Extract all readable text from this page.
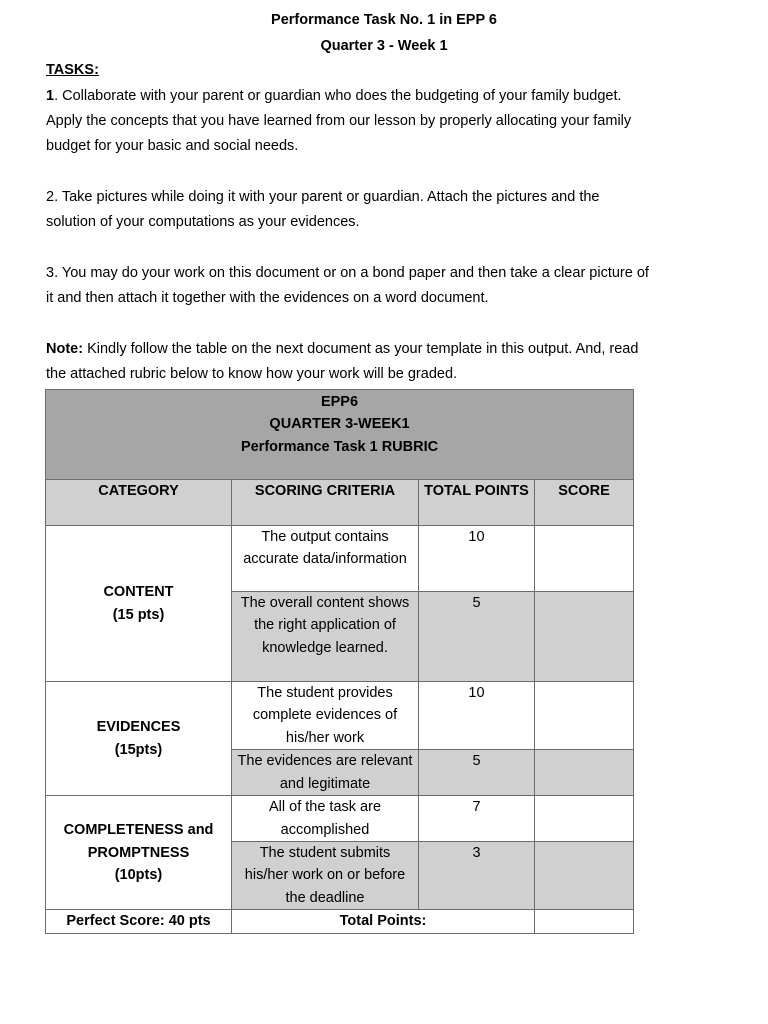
Performance Task No. 1 in EPP 6
Quarter 3 - Week 1
TASKS:
1. Collaborate with your parent or guardian who does the budgeting of your family budget.
Apply the concepts that you have learned from our lesson by properly allocating your family
budget for your basic and social needs.
2. Take pictures while doing it with your parent or guardian. Attach the pictures and the
solution of your computations as your evidences.
3. You may do your work on this document or on a bond paper and then take a clear picture of
it and then attach it together with the evidences on a word document.
Note: Kindly follow the table on the next document as your template in this output. And, read
the attached rubric below to know how your work will be graded.
EPP6
QUARTER 3-WEEK1
Performance Task 1 RUBRIC			

CATEGORY	SCORING CRITERIA	TOTAL POINTS	SCORE

CONTENT
(15 pts)	The output contains accurate data/information	10	
	The overall content shows the right application of knowledge learned.	5	

EVIDENCES
(15pts)	The student provides complete evidences of his/her work	10	
	The evidences are relevant and legitimate	5	

COMPLETENESS and PROMPTNESS
(10pts)	All of the task are accomplished	7	
	The student submits his/her work on or before the deadline	3	
Perfect Score: 40 pts	Total Points:		
